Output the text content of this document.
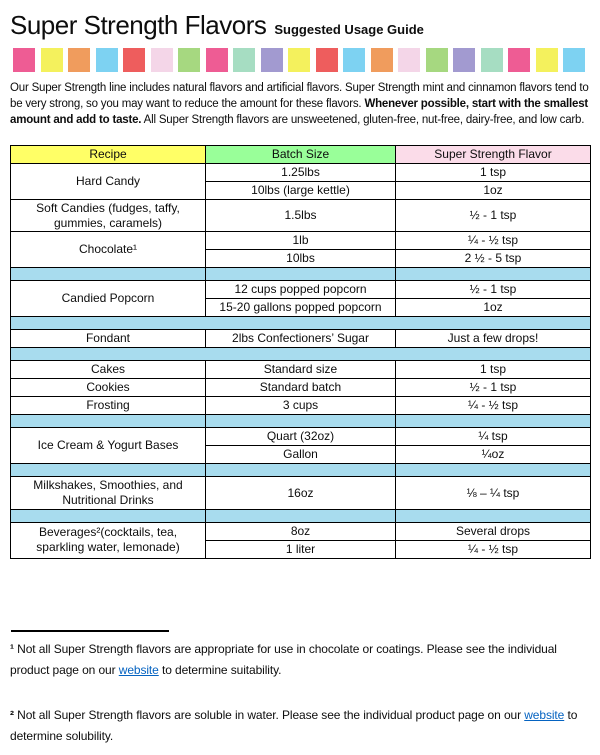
Super Strength Flavors Suggested Usage Guide

Our Super Strength line includes natural flavors and artificial flavors. Super Strength mint and cinnamon flavors tend to be very strong, so you may want to reduce the amount for these flavors. Whenever possible, start with the smallest amount and add to taste. All Super Strength flavors are unsweetened, gluten-free, nut-free, dairy-free, and low carb.

Recipe	Batch Size	Super Strength Flavor
Hard Candy	1.25lbs	1 tsp
	10lbs (large kettle)	1oz
Soft Candies (fudges, taffy, gummies, caramels)	1.5lbs	½ - 1 tsp
Chocolate¹	1lb	¼ - ½ tsp
	10lbs	2 ½ - 5 tsp

Candied Popcorn	12 cups popped popcorn	½ - 1 tsp
	15-20 gallons popped popcorn	1oz

Fondant	2lbs Confectioners’ Sugar	Just a few drops!

Cakes	Standard size	1 tsp
Cookies	Standard batch	½ - 1 tsp
Frosting	3 cups	¼ - ½ tsp

Ice Cream & Yogurt Bases	Quart (32oz)	¼ tsp
	Gallon	¼oz

Milkshakes, Smoothies, and Nutritional Drinks	16oz	⅛ – ¼ tsp

Beverages²(cocktails, tea, sparkling water, lemonade)	8oz	Several drops
	1 liter	¼ - ½ tsp

¹ Not all Super Strength flavors are appropriate for use in chocolate or coatings. Please see the individual product page on our website to determine suitability.

² Not all Super Strength flavors are soluble in water. Please see the individual product page on our website to determine solubility.
